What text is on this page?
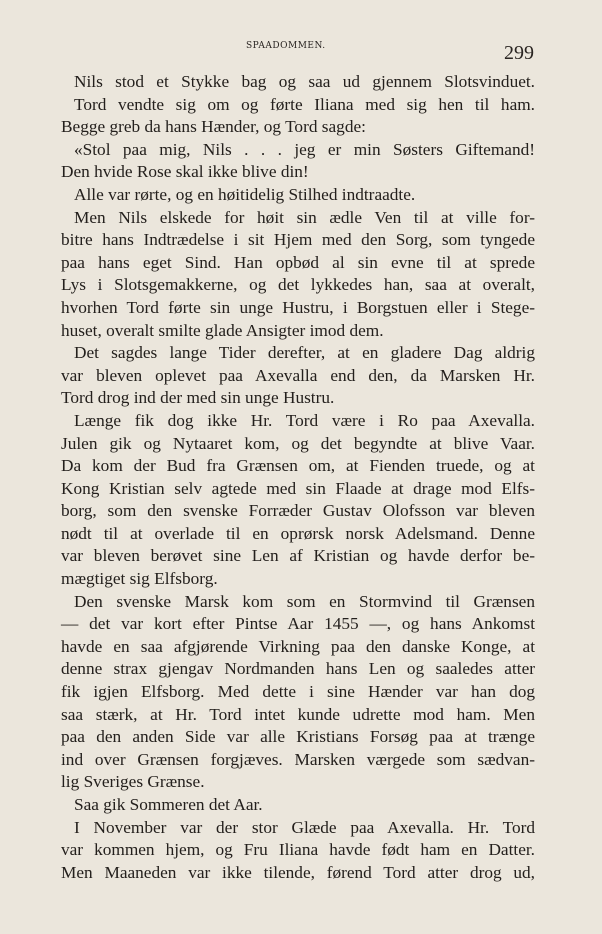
SPAADOMMEN.	299
Nils stod et Stykke bag og saa ud gjennem Slotsvinduet.
Tord vendte sig om og førte Iliana med sig hen til ham.
Begge greb da hans Hænder, og Tord sagde:
«Stol paa mig, Nils . . . jeg er min Søsters Giftemand!
Den hvide Rose skal ikke blive din!
Alle var rørte, og en høitidelig Stilhed indtraadte.
Men Nils elskede for høit sin ædle Ven til at ville for-
bitre hans Indtrædelse i sit Hjem med den Sorg, som tyngede
paa hans eget Sind. Han opbød al sin evne til at sprede
Lys i Slotsgemakkerne, og det lykkedes han, saa at overalt,
hvorhen Tord førte sin unge Hustru, i Borgstuen eller i Stege-
huset, overalt smilte glade Ansigter imod dem.
Det sagdes lange Tider derefter, at en gladere Dag aldrig
var bleven oplevet paa Axevalla end den, da Marsken Hr.
Tord drog ind der med sin unge Hustru.
Længe fik dog ikke Hr. Tord være i Ro paa Axevalla.
Julen gik og Nytaaret kom, og det begyndte at blive Vaar.
Da kom der Bud fra Grænsen om, at Fienden truede, og at
Kong Kristian selv agtede med sin Flaade at drage mod Elfs-
borg, som den svenske Forræder Gustav Olofsson var bleven
nødt til at overlade til en oprørsk norsk Adelsmand. Denne
var bleven berøvet sine Len af Kristian og havde derfor be-
mægtiget sig Elfsborg.
Den svenske Marsk kom som en Stormvind til Grænsen
— det var kort efter Pintse Aar 1455 —, og hans Ankomst
havde en saa afgjørende Virkning paa den danske Konge, at
denne strax gjengav Nordmanden hans Len og saaledes atter
fik igjen Elfsborg. Med dette i sine Hænder var han dog
saa stærk, at Hr. Tord intet kunde udrette mod ham. Men
paa den anden Side var alle Kristians Forsøg paa at trænge
ind over Grænsen forgjæves. Marsken værgede som sædvan-
lig Sveriges Grænse.
Saa gik Sommeren det Aar.
I November var der stor Glæde paa Axevalla. Hr. Tord
var kommen hjem, og Fru Iliana havde født ham en Datter.
Men Maaneden var ikke tilende, førend Tord atter drog ud,
